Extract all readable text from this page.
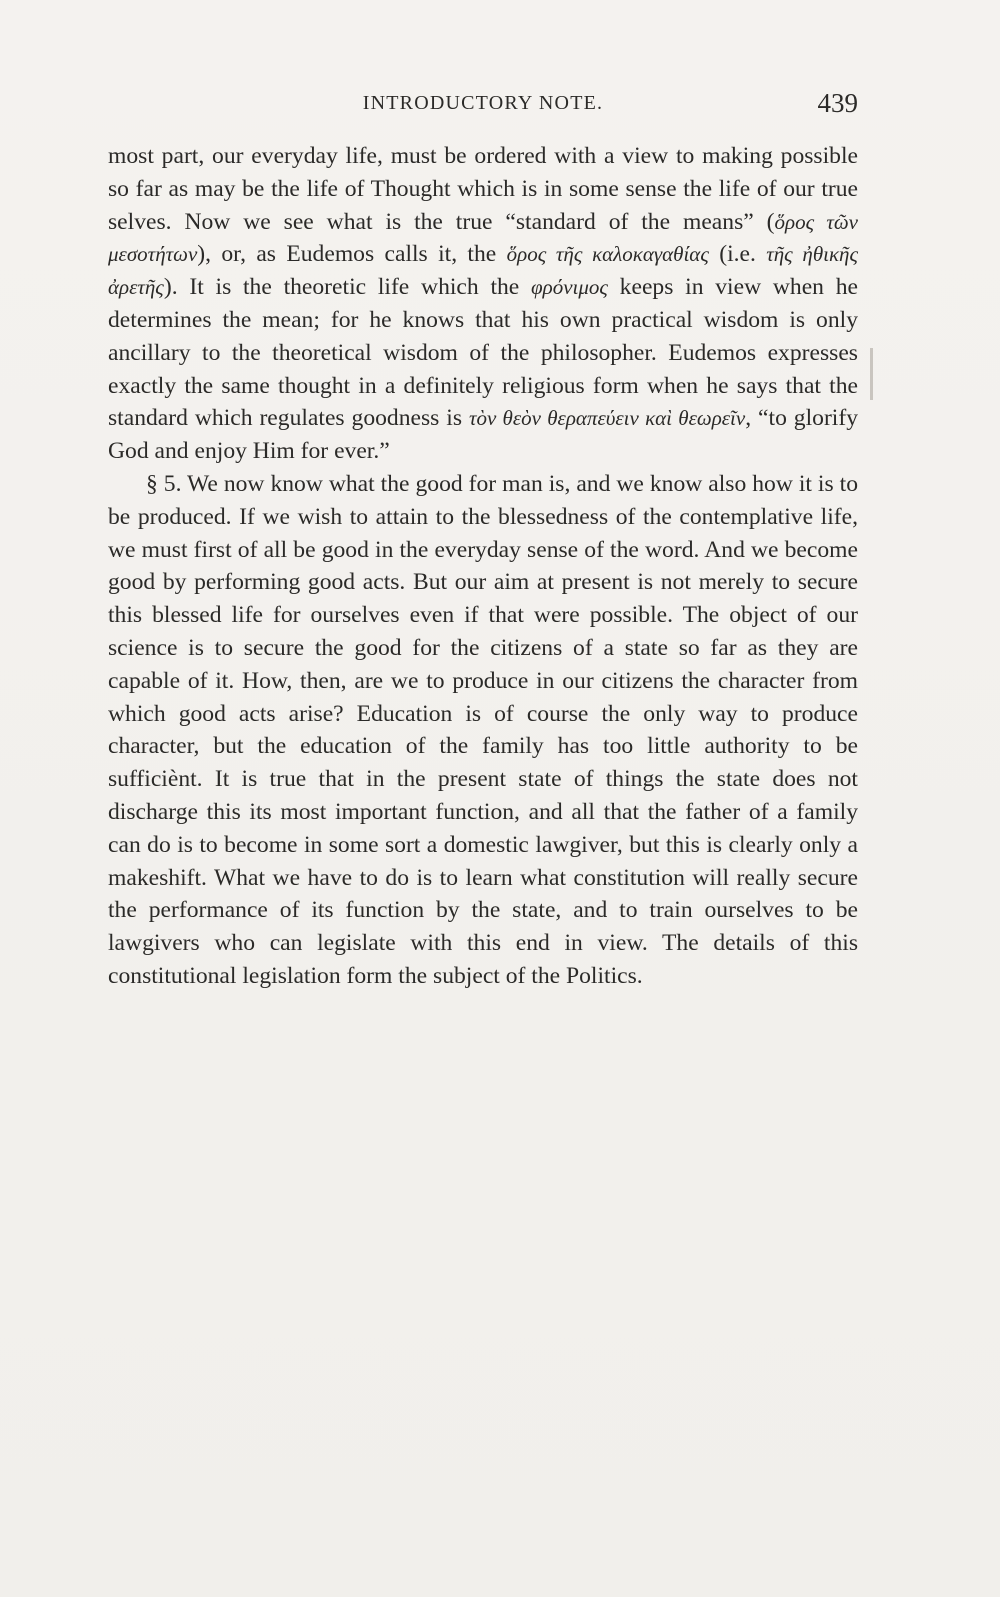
INTRODUCTORY NOTE.	439

most part, our everyday life, must be ordered with a view to making possible so far as may be the life of Thought which is in some sense the life of our true selves. Now we see what is the true “standard of the means” (ὅρος τῶν μεσοτήτων), or, as Eudemos calls it, the ὅρος τῆς καλοκαγαθίας (i.e. τῆς ἠθικῆς ἀρετῆς). It is the theoretic life which the φρόνιμος keeps in view when he determines the mean; for he knows that his own practical wisdom is only ancillary to the theoretical wisdom of the philosopher. Eudemos expresses exactly the same thought in a definitely religious form when he says that the standard which regulates goodness is τὸν θεὸν θεραπεύειν καὶ θεωρεῖν, “to glorify God and enjoy Him for ever.”

§ 5. We now know what the good for man is, and we know also how it is to be produced. If we wish to attain to the blessedness of the contemplative life, we must first of all be good in the everyday sense of the word. And we become good by performing good acts. But our aim at present is not merely to secure this blessed life for ourselves even if that were possible. The object of our science is to secure the good for the citizens of a state so far as they are capable of it. How, then, are we to produce in our citizens the character from which good acts arise? Education is of course the only way to produce character, but the education of the family has too little authority to be sufficiènt. It is true that in the present state of things the state does not discharge this its most important function, and all that the father of a family can do is to become in some sort a domestic lawgiver, but this is clearly only a makeshift. What we have to do is to learn what constitution will really secure the performance of its function by the state, and to train ourselves to be lawgivers who can legislate with this end in view. The details of this constitutional legislation form the subject of the Politics.
